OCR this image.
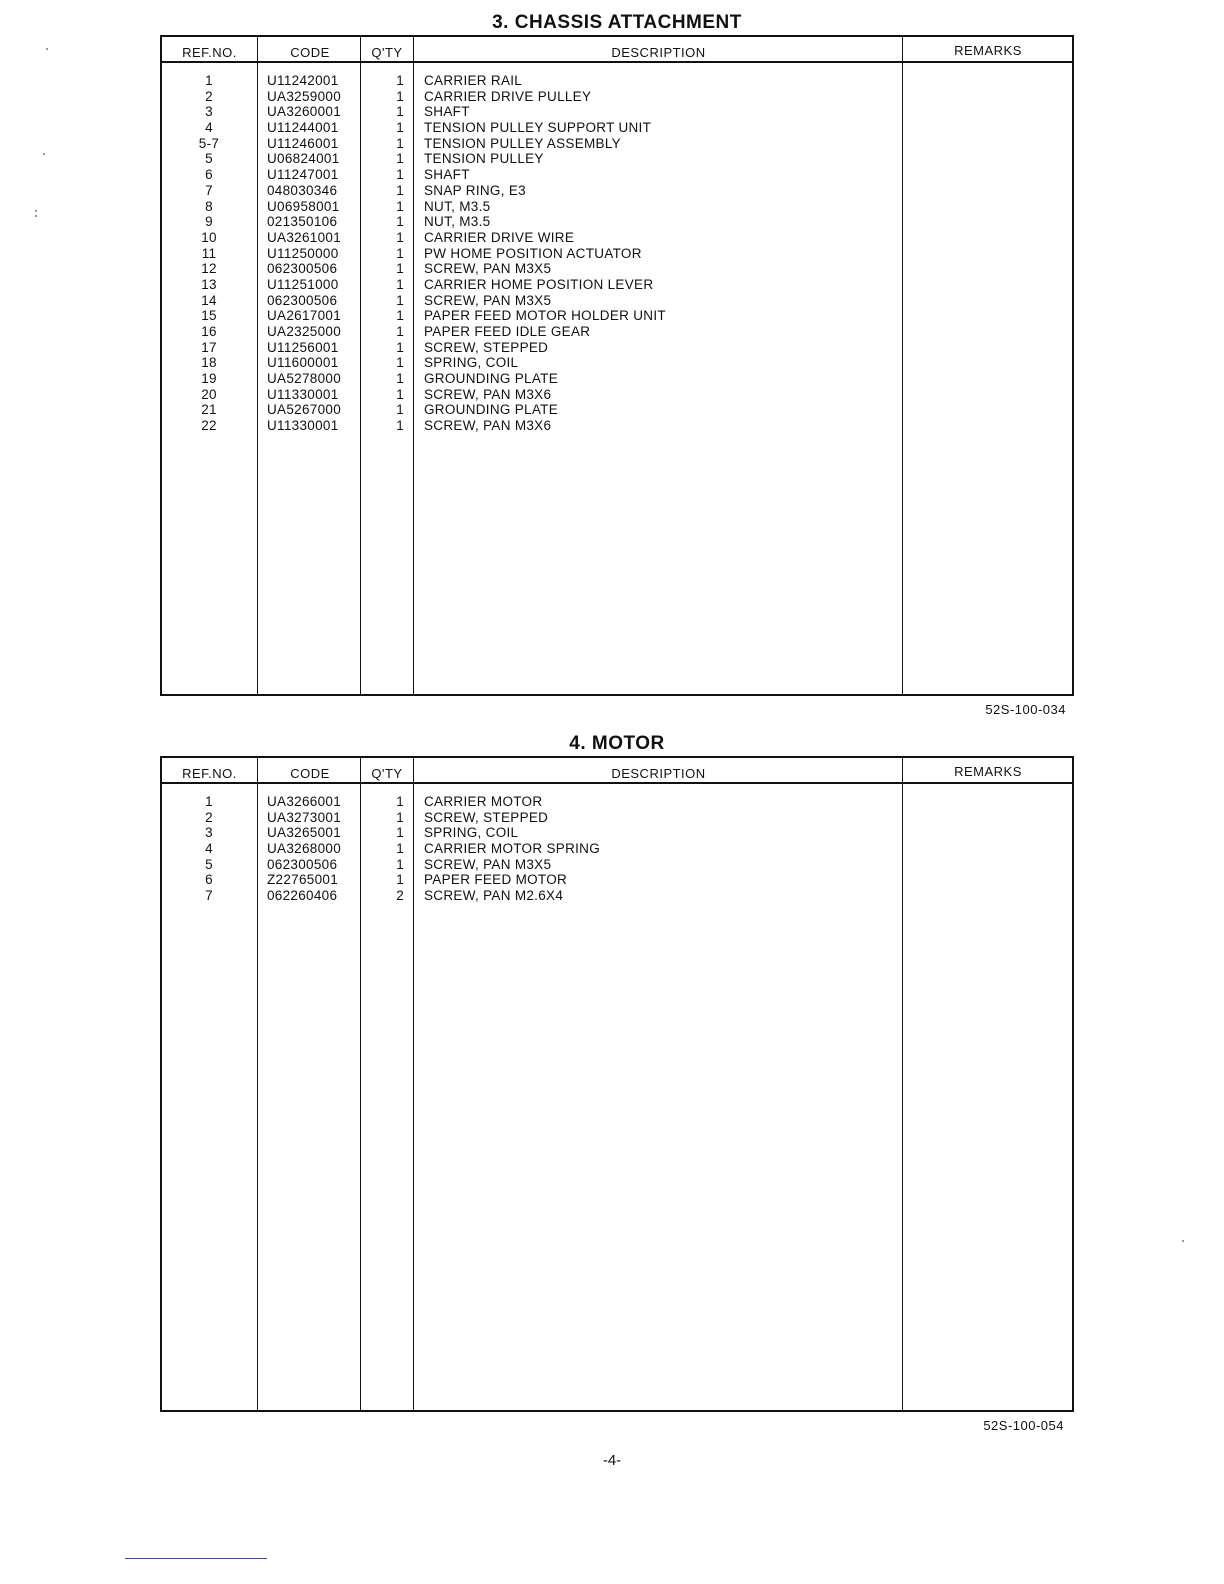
3. CHASSIS ATTACHMENT
REF.NO.	CODE	Q'TY	DESCRIPTION	REMARKS
1	U11242001	1 CARRIER RAIL
2	UA3259000	1 CARRIER DRIVE PULLEY
3	UA3260001	1 SHAFT
4	U11244001	1 TENSION PULLEY SUPPORT UNIT
5-7	U11246001	1 TENSION PULLEY ASSEMBLY
5	U06824001	1 TENSION PULLEY
6	U11247001	1 SHAFT
7	048030346	1 SNAP RING, E3
8	U06958001	1 NUT, M3.5
9	021350106	1 NUT, M3.5
10	UA3261001	1 CARRIER DRIVE WIRE
11	U11250000	1 PW HOME POSITION ACTUATOR
12	062300506	1 SCREW, PAN M3X5
13	U11251000	1 CARRIER HOME POSITION LEVER
14	062300506	1 SCREW, PAN M3X5
15	UA2617001	1 PAPER FEED MOTOR HOLDER UNIT
16	UA2325000	1 PAPER FEED IDLE GEAR
17	U11256001	1 SCREW, STEPPED
18	U11600001	1 SPRING, COIL
19	UA5278000	1 GROUNDING PLATE
20	U11330001	1 SCREW, PAN M3X6
21	UA5267000	1 GROUNDING PLATE
22	U11330001	1 SCREW, PAN M3X6
52S-100-034
4. MOTOR
REF.NO.	CODE	Q'TY	DESCRIPTION	REMARKS
1	UA3266001	1 CARRIER MOTOR
2	UA3273001	1 SCREW, STEPPED
3	UA3265001	1 SPRING, COIL
4	UA3268000	1 CARRIER MOTOR SPRING
5	062300506	1 SCREW, PAN M3X5
6	Z22765001	1 PAPER FEED MOTOR
7	062260406	2 SCREW, PAN M2.6X4
52S-100-054
-4-
